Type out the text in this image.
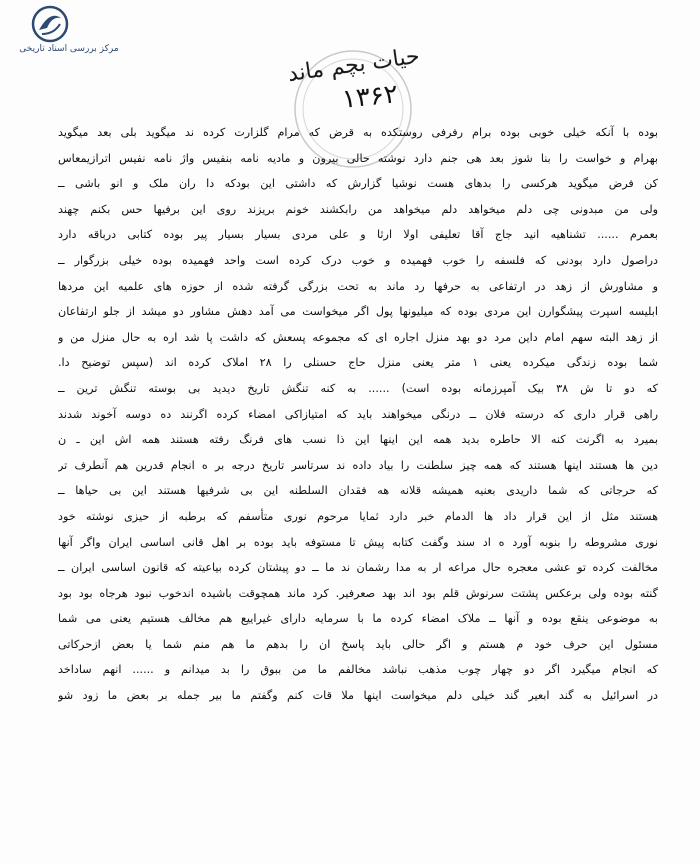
مرکز بررسی اسناد تاریخی	حیات بچم ماند
۱۳۶۲
بوده با آنکه خیلی خوبی بوده برام رفرفی روستکده به قرض که مرام گلزارت کرده ند میگوید بلی بعد میگوید
بهرام و خواست را بنا شوز بعد هی جنم دارد نوشته حالی بیرون و مادیه نامه بنفیس واژ نامه نفیس اترازیمعاس
کن فرض میگوید هرکسی را بدهای هست نوشیا گزارش که داشتی این بودکه دا ران ملک و انو باشی ــ
ولی من مبدونی چی دلم میخواهد دلم میخواهد من رابکشند خونم بریزند روی این برفیها حس بکنم چهند
بعمرم ...... تشناهیه انید جاج آقا تعلیفی اولا ارثا و علی مردی بسیار بسیار پیر بوده کتابی درباقه دارد
دراصول دارد بودنی که فلسفه را خوب فهمیده و خوب درک کرده است واحد فهمیده بوده خیلی بزرگوار ــ
و مشاورش از زهد در ارتفاعی به حرفها رد ماند به تحت بزرگی گرفته شده از حوزه های علمیه این مردها
ابلیسه اسپرت پیشگوارن این مردی بوده که میلیونها پول اگر میخواست می آمد دهش مشاور دو میشد از جلو ارتفاعان
از زهد البته سهم امام داین مرد دو بهد منزل اجاره ای که مجموعه پسعش که داشت پا شد اره به حال منزل من و
شما بوده زندگی میکرده یعنی ۱ متر یعنی منزل حاج حسنلی را ۲۸ املاک کرده اند (سپس توضیح دا.
که دو تا ش ۳۸ بیک آمپرزمانه بوده است) ...... به کنه تنگش تاریخ دیدید بی بوسته تنگش ترین ــ
راهی قرار داری که درسته فلان ــ درنگی میخواهند باید که امتیازاکی امضاء کرده اگرنند ده دوسه آخوند شدند
بمیرد به اگرنت کنه الا حاطره بدید همه این اینها این ذا نسب های فرنگ رفته هستند همه اش این ـ ن
دین ها هستند اینها هستند که همه چیز سلطنت را بیاد داده ند سرتاسر تاریخ درجه بر ه انجام قدرین هم آنطرف تر
که حرجاتی که شما داریدی بعنیه همیشه قلانه هه فقدان السلطنه این بی شرفیها هستند این بی حیاها ــ
هستند مثل از این قرار داد ها الدمام خبر دارد ثمایا مرحوم نوری متأسفم که برطبه از حیزی نوشته خود
نوری مشروطه را بنوبه آورد ه اد سند وگفت کتابه پیش تا مستوفه باید بوده بر اهل قانی اساسی ایران واگر آنها
مخالفت کرده تو عشی معجره حال مراعه ار به مدا رشمان ند ما ــ دو پیشتان کرده بیاعیته که قانون اساسی ایران ــ
گنته بوده ولی برعکس پشتت سرنوش قلم بود اند بهد صعرفیر. کرد ماند همچوقت باشیده اندخوب نبود هرجاه بود بود
به موضوعی ینقع بوده و آنها ــ ملاک امضاء کرده ما با سرمایه دارای غیراییع هم مخالف هستیم یعنی می شما
مسئول این حرف خود م هستم و اگر حالی باید پاسخ ان را بدهم ما هم منم شما یا بعض ازحرکاتی
که انجام میگیرد اگر دو چهار چوب مذهب نباشد مخالفم ما من ببوق را بد میدانم و ...... انهم ساداخد
در اسرائیل به گند ابعیر گند خیلی دلم میخواست اینها ملا قات کنم وگفتم ما بیر جمله بر بعض ما زود شو
